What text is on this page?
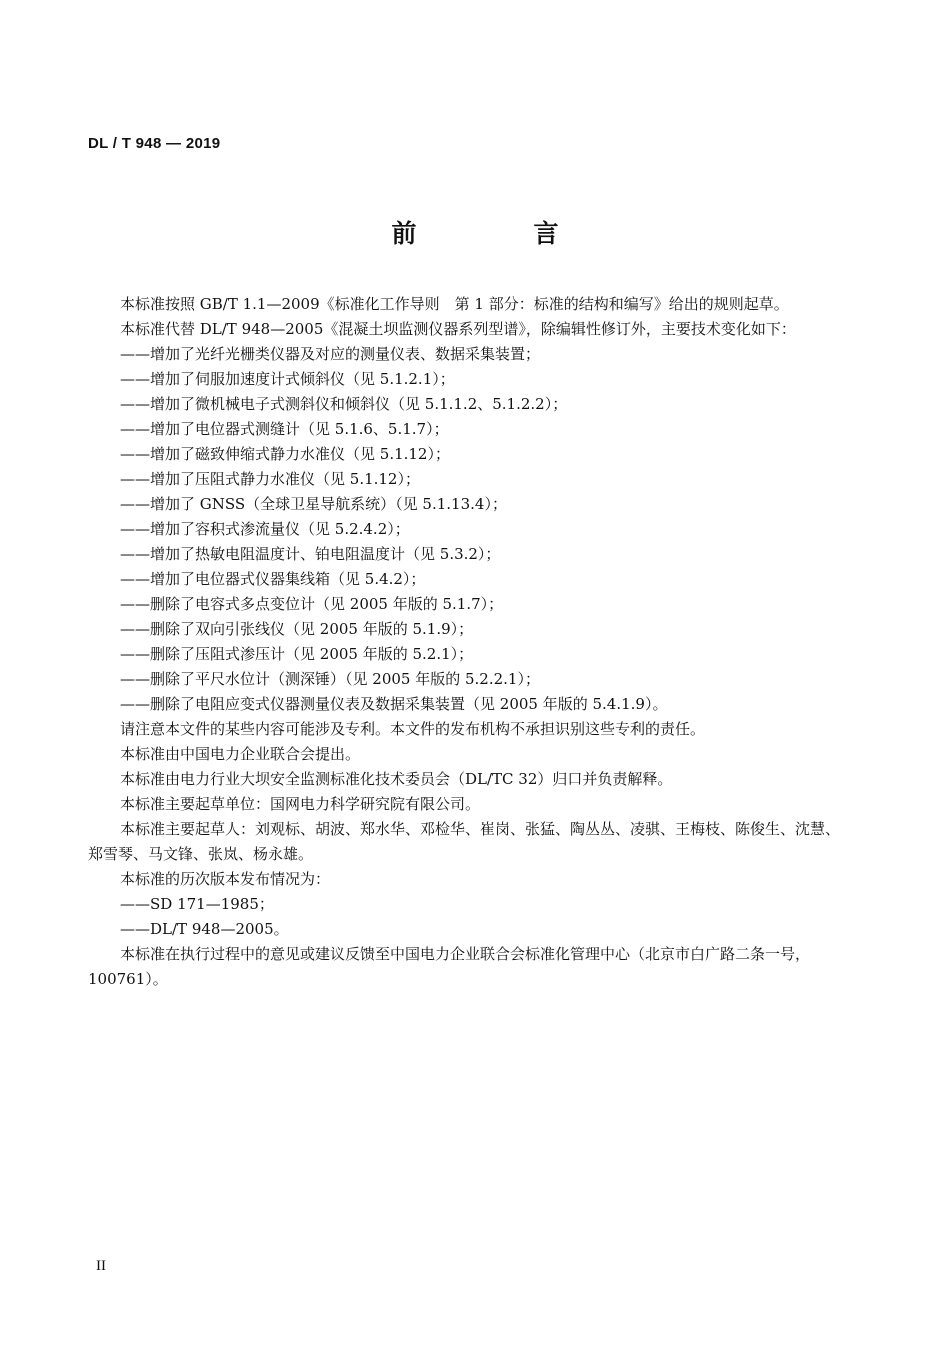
DL / T 948 — 2019
前　言

本标准按照 GB/T 1.1—2009《标准化工作导则　第 1 部分：标准的结构和编写》给出的规则起草。

本标准代替 DL/T 948—2005《混凝土坝监测仪器系列型谱》，除编辑性修订外，主要技术变化如下：

——增加了光纤光栅类仪器及对应的测量仪表、数据采集装置；

——增加了伺服加速度计式倾斜仪（见 5.1.2.1）；

——增加了微机械电子式测斜仪和倾斜仪（见 5.1.1.2、5.1.2.2）；

——增加了电位器式测缝计（见 5.1.6、5.1.7）；

——增加了磁致伸缩式静力水准仪（见 5.1.12）；

——增加了压阻式静力水准仪（见 5.1.12）；

——增加了 GNSS（全球卫星导航系统）（见 5.1.13.4）；

——增加了容积式渗流量仪（见 5.2.4.2）；

——增加了热敏电阻温度计、铂电阻温度计（见 5.3.2）；

——增加了电位器式仪器集线箱（见 5.4.2）；

——删除了电容式多点变位计（见 2005 年版的 5.1.7）；

——删除了双向引张线仪（见 2005 年版的 5.1.9）；

——删除了压阻式渗压计（见 2005 年版的 5.2.1）；

——删除了平尺水位计（测深锤）（见 2005 年版的 5.2.2.1）；

——删除了电阻应变式仪器测量仪表及数据采集装置（见 2005 年版的 5.4.1.9）。

请注意本文件的某些内容可能涉及专利。本文件的发布机构不承担识别这些专利的责任。

本标准由中国电力企业联合会提出。

本标准由电力行业大坝安全监测标准化技术委员会（DL/TC 32）归口并负责解释。

本标准主要起草单位：国网电力科学研究院有限公司。

本标准主要起草人：刘观标、胡波、郑水华、邓检华、崔岗、张猛、陶丛丛、凌骐、王梅枝、陈俊生、沈慧、郑雪琴、马文锋、张岚、杨永雄。

本标准的历次版本发布情况为：

——SD 171—1985；

——DL/T 948—2005。

本标准在执行过程中的意见或建议反馈至中国电力企业联合会标准化管理中心（北京市白广路二条一号，100761）。

II
